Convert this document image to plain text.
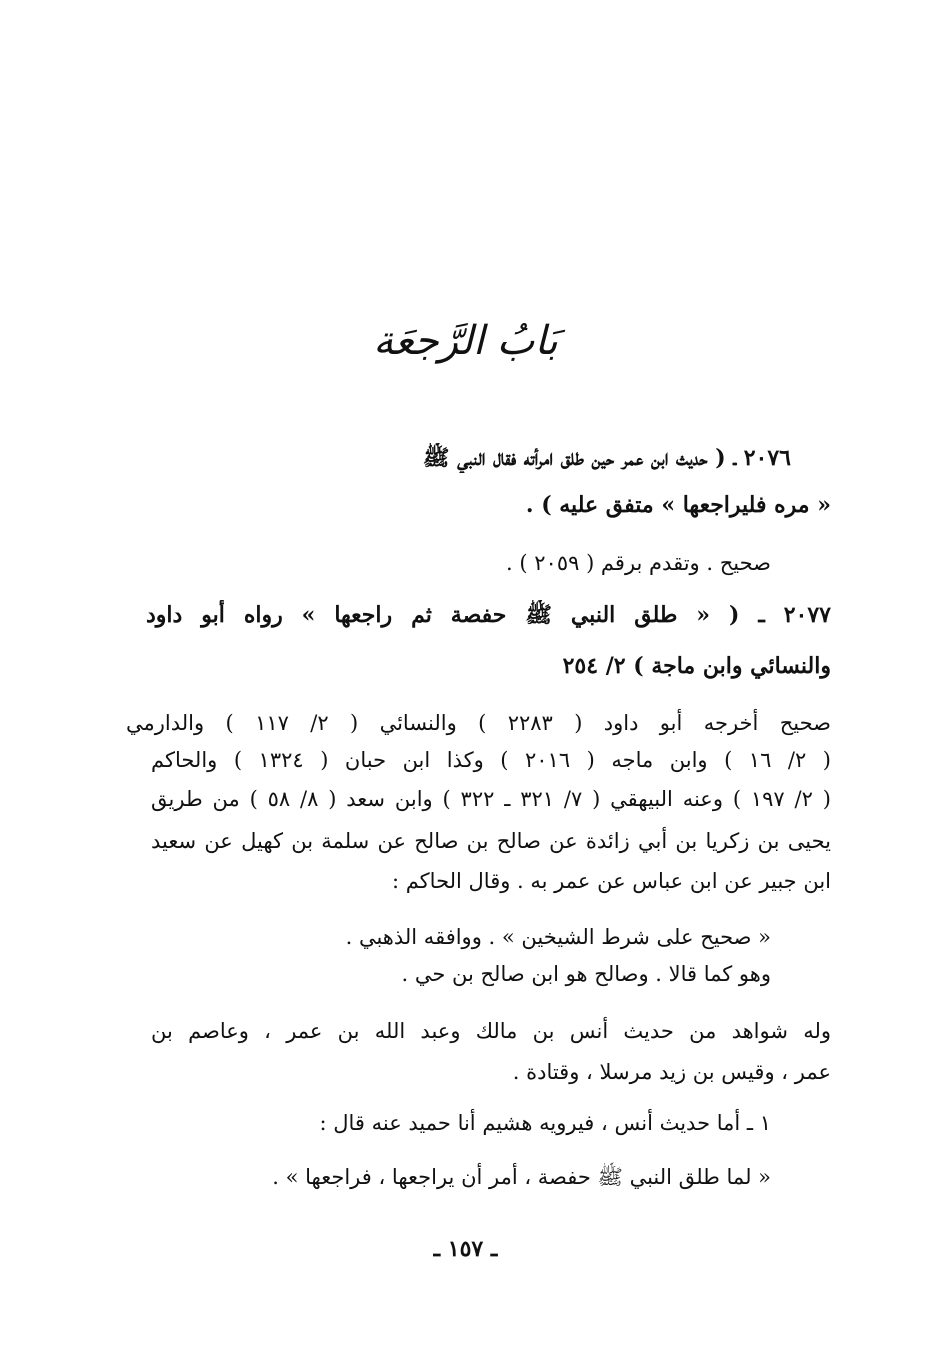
بَابُ الرَّجعَة
٢٠٧٦ ـ ( حديث ابن عمر حين طلق امرأته فقال النبي ﷺ
« مره فليراجعها » متفق عليه ) .
صحيح . وتقدم برقم ( ٢٠٥٩ ) .
٢٠٧٧ ـ ( « طلق النبي ﷺ حفصة ثم راجعها » رواه أبو داود
والنسائي وابن ماجة ) ٢/ ٢٥٤
صحيح أخرجه أبو داود ( ٢٢٨٣ ) والنسائي ( ٢/ ١١٧ ) والدارمي
( ٢/ ١٦ ) وابن ماجه ( ٢٠١٦ ) وكذا ابن حبان ( ١٣٢٤ ) والحاكم
( ٢/ ١٩٧ ) وعنه البيهقي ( ٧/ ٣٢١ ـ ٣٢٢ ) وابن سعد ( ٨/ ٥٨ ) من طريق
يحيى بن زكريا بن أبي زائدة عن صالح بن صالح عن سلمة بن كهيل عن سعيد
ابن جبير عن ابن عباس عن عمر به . وقال الحاكم :
« صحيح على شرط الشيخين » . ووافقه الذهبي .
وهو كما قالا . وصالح هو ابن صالح بن حي .
وله شواهد من حديث أنس بن مالك وعبد الله بن عمر ، وعاصم بن
عمر ، وقيس بن زيد مرسلا ، وقتادة .
١ ـ أما حديث أنس ، فيرويه هشيم أنا حميد عنه قال :
« لما طلق النبي ﷺ حفصة ، أمر أن يراجعها ، فراجعها » .
ـ ١٥٧ ـ
